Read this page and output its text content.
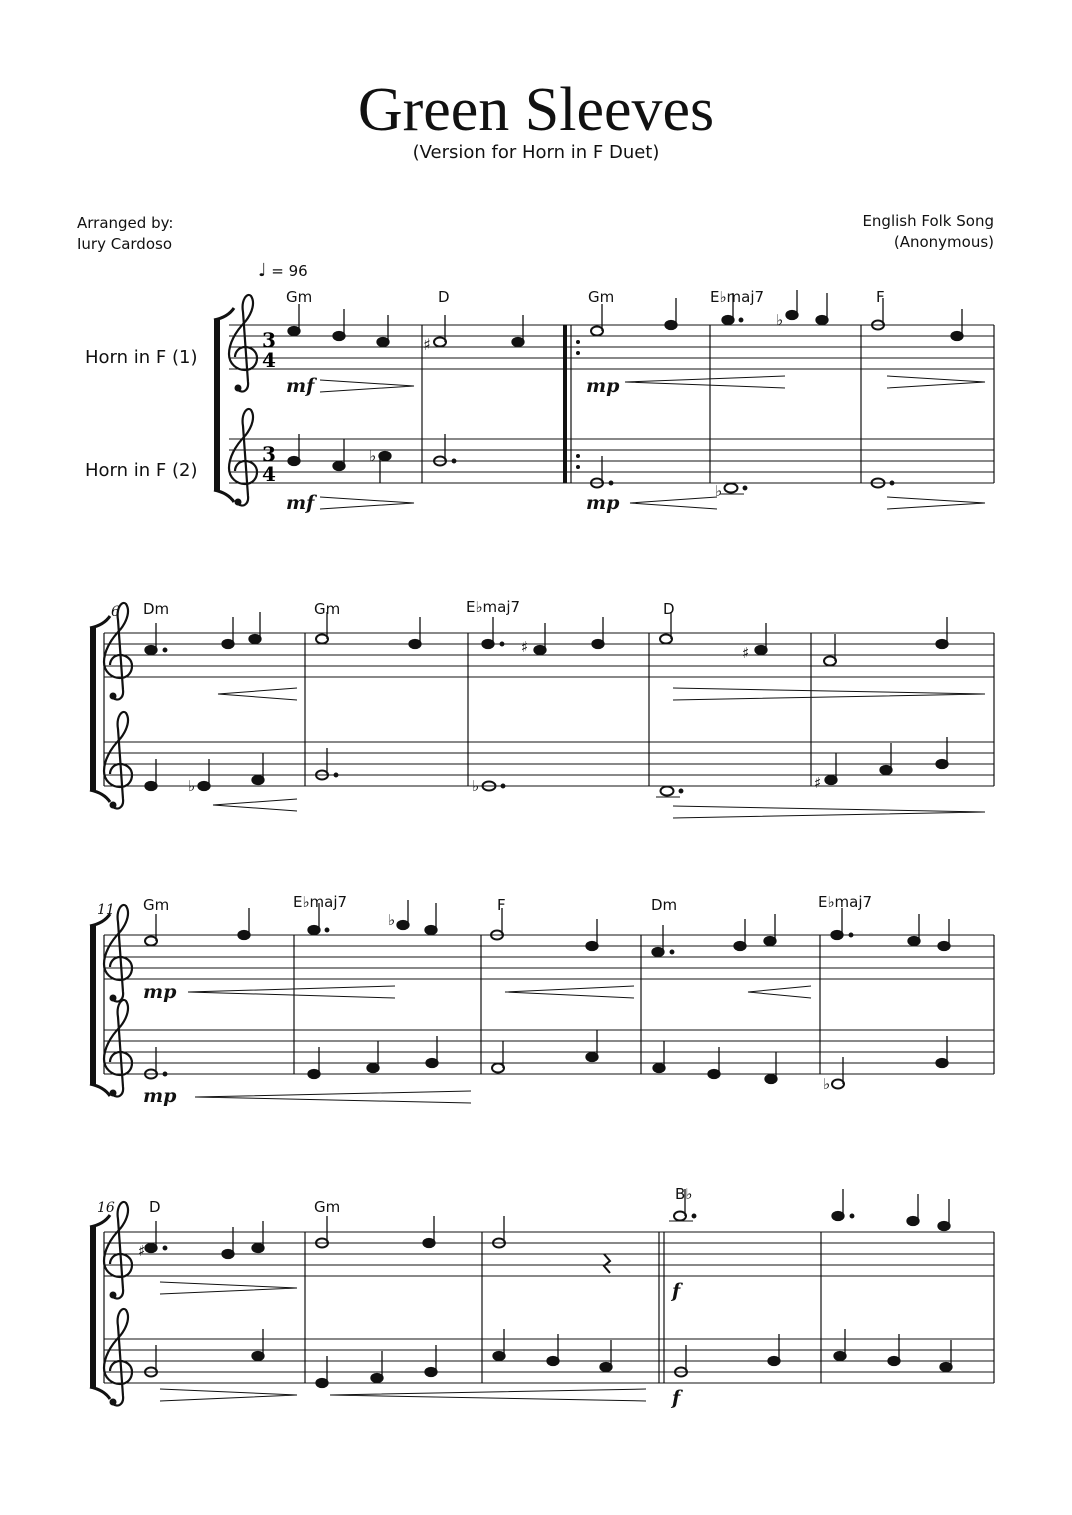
Green Sleeves
(Version for Horn in F Duet)
Arranged by:
Iury Cardoso
English Folk Song
(Anonymous)
♩ = 96
Horn in F (1)
Horn in F (2)
3
4
3
4
Gm	D	Gm	E♭maj7	F
♯
♭
♭
♭
mf	mp
mf	mp
6 Dm	Gm	E♭maj7	D
♯	♯
♭	♭	♯
11 Gm	E♭maj7	F	Dm	E♭maj7
♭
♭
mp
mp
16 D	Gm
B♭
♯
f
f
